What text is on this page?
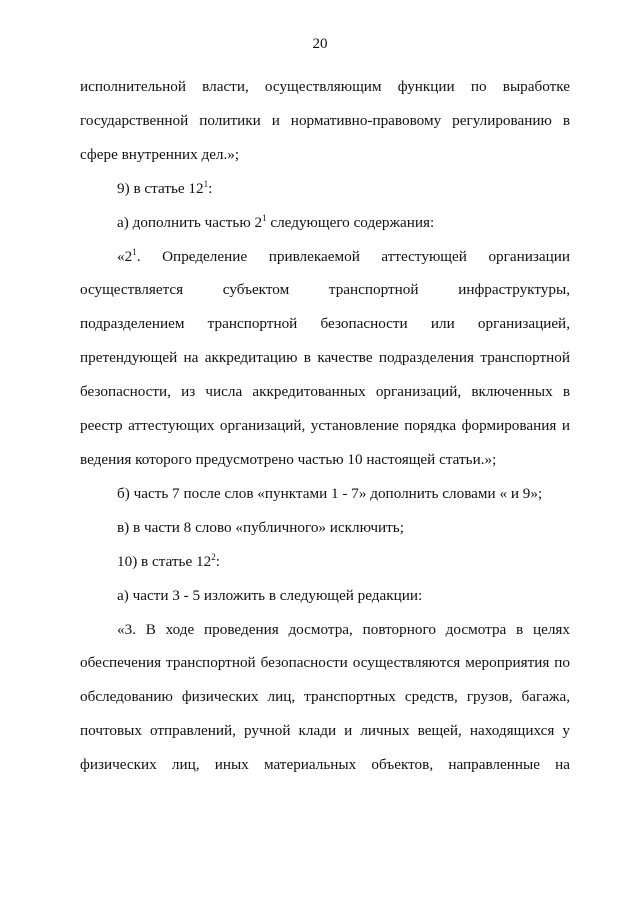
20

исполнительной власти, осуществляющим функции по выработке государственной политики и нормативно-правовому регулированию в сфере внутренних дел.»;

9) в статье $12^1$:

а) дополнить частью $2^1$ следующего содержания:

«$2^1$. Определение привлекаемой аттестующей организации осуществляется субъектом транспортной инфраструктуры, подразделением транспортной безопасности или организацией, претендующей на аккредитацию в качестве подразделения транспортной безопасности, из числа аккредитованных организаций, включенных в реестр аттестующих организаций, установление порядка формирования и ведения которого предусмотрено частью 10 настоящей статьи.»;

б) часть 7 после слов «пунктами 1 - 7» дополнить словами « и 9»;

в) в части 8 слово «публичного» исключить;

10) в статье $12^2$:

а) части 3 - 5 изложить в следующей редакции:

«3. В ходе проведения досмотра, повторного досмотра в целях обеспечения транспортной безопасности осуществляются мероприятия по обследованию физических лиц, транспортных средств, грузов, багажа, почтовых отправлений, ручной клади и личных вещей, находящихся у физических лиц, иных материальных объектов, направленные на
